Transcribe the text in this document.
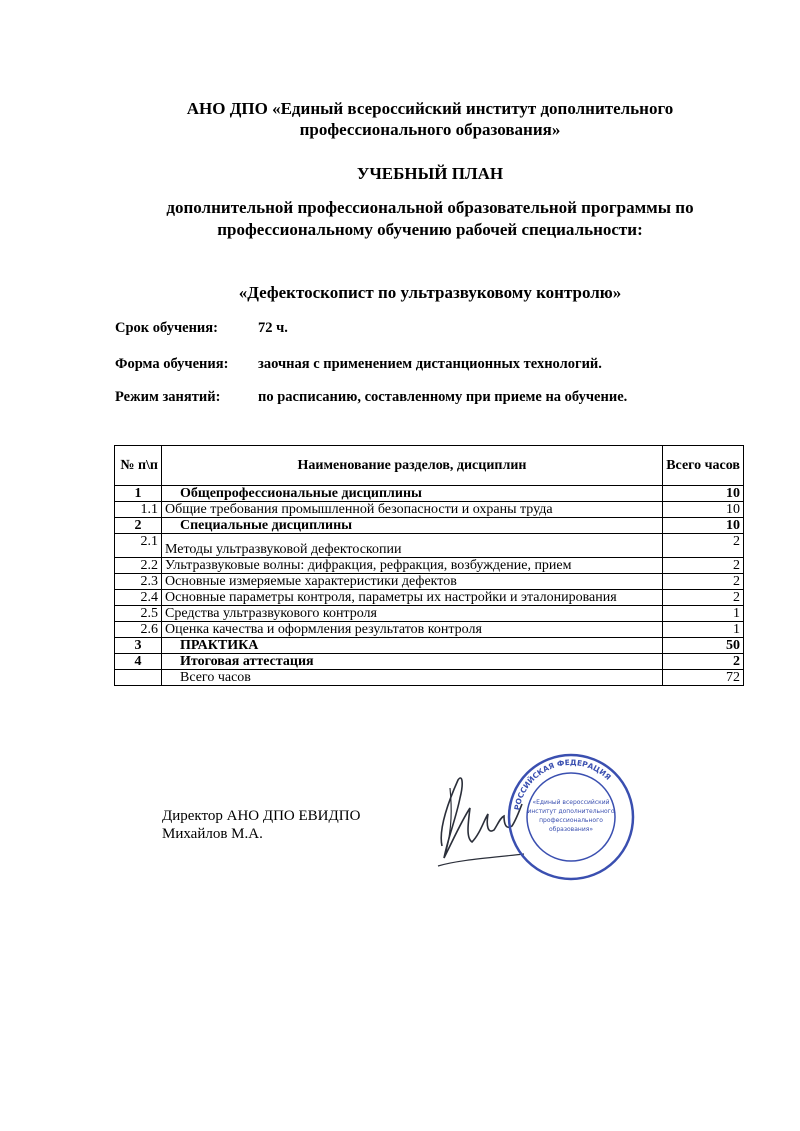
АНО ДПО «Единый всероссийский институт дополнительного
профессионального образования»
УЧЕБНЫЙ ПЛАН
дополнительной профессиональной образовательной программы по
профессиональному обучению рабочей специальности:
«Дефектоскопист по ультразвуковому контролю»
Срок обучения:	72 ч.
Форма обучения: заочная с применением дистанционных технологий.
Режим занятий:	по расписанию, составленному при приеме на обучение.
№ п\п	Наименование разделов, дисциплин	Всего часов
1	Общепрофессиональные дисциплины	10
1.1	Общие требования промышленной безопасности и охраны труда	10
2	Специальные дисциплины	10
2.1	Методы ультразвуковой дефектоскопии	2
2.2	Ультразвуковые волны: дифракция, рефракция, возбуждение, прием	2
2.3	Основные измеряемые характеристики дефектов	2
2.4	Основные параметры контроля, параметры их настройки и эталонирования	2
2.5	Средства ультразвукового контроля	1
2.6	Оценка качества и оформления результатов контроля	1
3	ПРАКТИКА	50
4	Итоговая аттестация	2
	Всего часов	72
Директор АНО ДПО ЕВИДПО
Михайлов М.А.
РОССИЙСКАЯ ФЕДЕРАЦИЯ
«Единый всероссийский
институт дополнительного
профессионального
образования»
